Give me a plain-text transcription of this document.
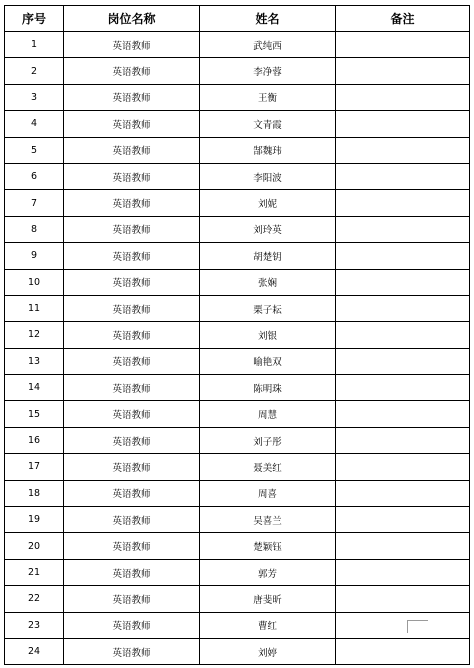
序号	岗位名称	姓名	备注
1	英语教师	武纯西	
2	英语教师	李净蓉	
3	英语教师	王衡	
4	英语教师	文青霞	
5	英语教师	郜魏玮	
6	英语教师	李阳波	
7	英语教师	刘妮	
8	英语教师	刘玲英	
9	英语教师	胡楚钥	
10	英语教师	张娴	
11	英语教师	栗子耘	
12	英语教师	刘银	
13	英语教师	喻艳双	
14	英语教师	陈明珠	
15	英语教师	周慧	
16	英语教师	刘子彤	
17	英语教师	聂美红	
18	英语教师	周喜	
19	英语教师	吴喜兰	
20	英语教师	楚颖钰	
21	英语教师	郭芳	
22	英语教师	唐斐昕	
23	英语教师	曹红	
24	英语教师	刘婷	
